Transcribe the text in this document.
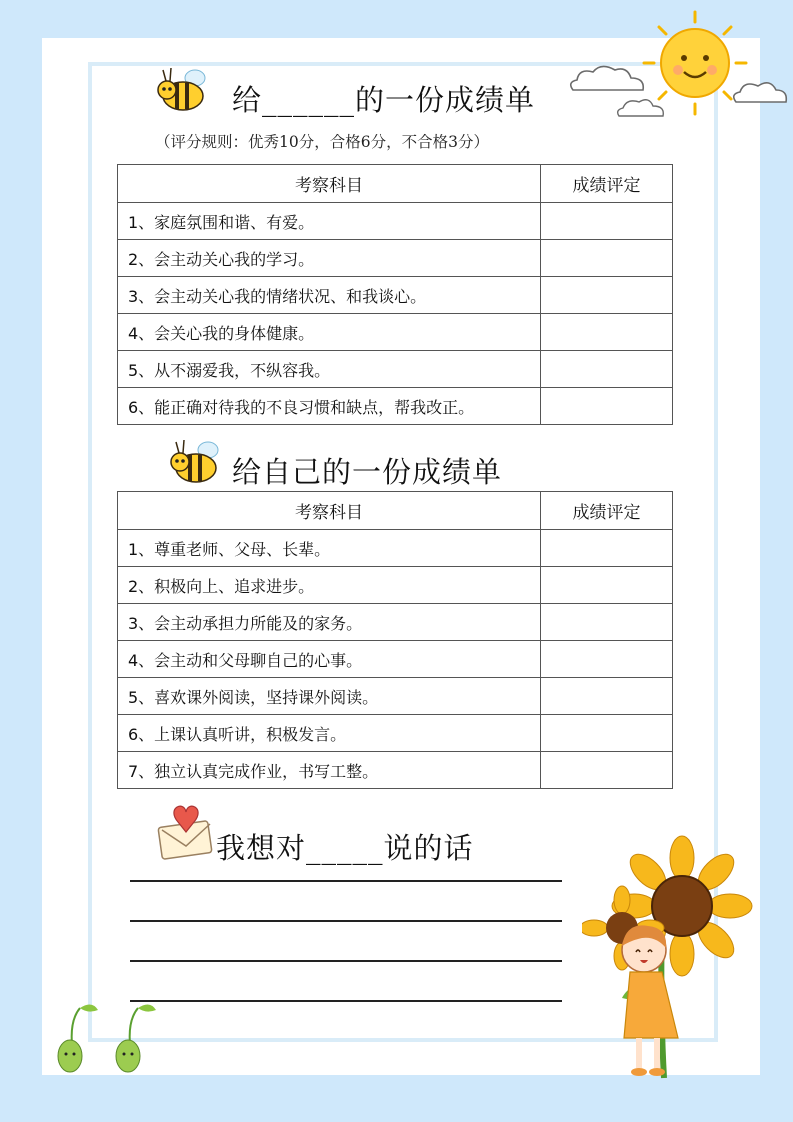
给______的一份成绩单
（评分规则：优秀10分，合格6分，不合格3分）
考察科目	成绩评定
1、家庭氛围和谐、有爱。	
2、会主动关心我的学习。	
3、会主动关心我的情绪状况、和我谈心。	
4、会关心我的身体健康。	
5、从不溺爱我，不纵容我。	
6、能正确对待我的不良习惯和缺点，帮我改正。	
给自己的一份成绩单
考察科目	成绩评定
1、尊重老师、父母、长辈。	
2、积极向上、追求进步。	
3、会主动承担力所能及的家务。	
4、会主动和父母聊自己的心事。	
5、喜欢课外阅读，坚持课外阅读。	
6、上课认真听讲，积极发言。	
7、独立认真完成作业，书写工整。	
我想对_____说的话
